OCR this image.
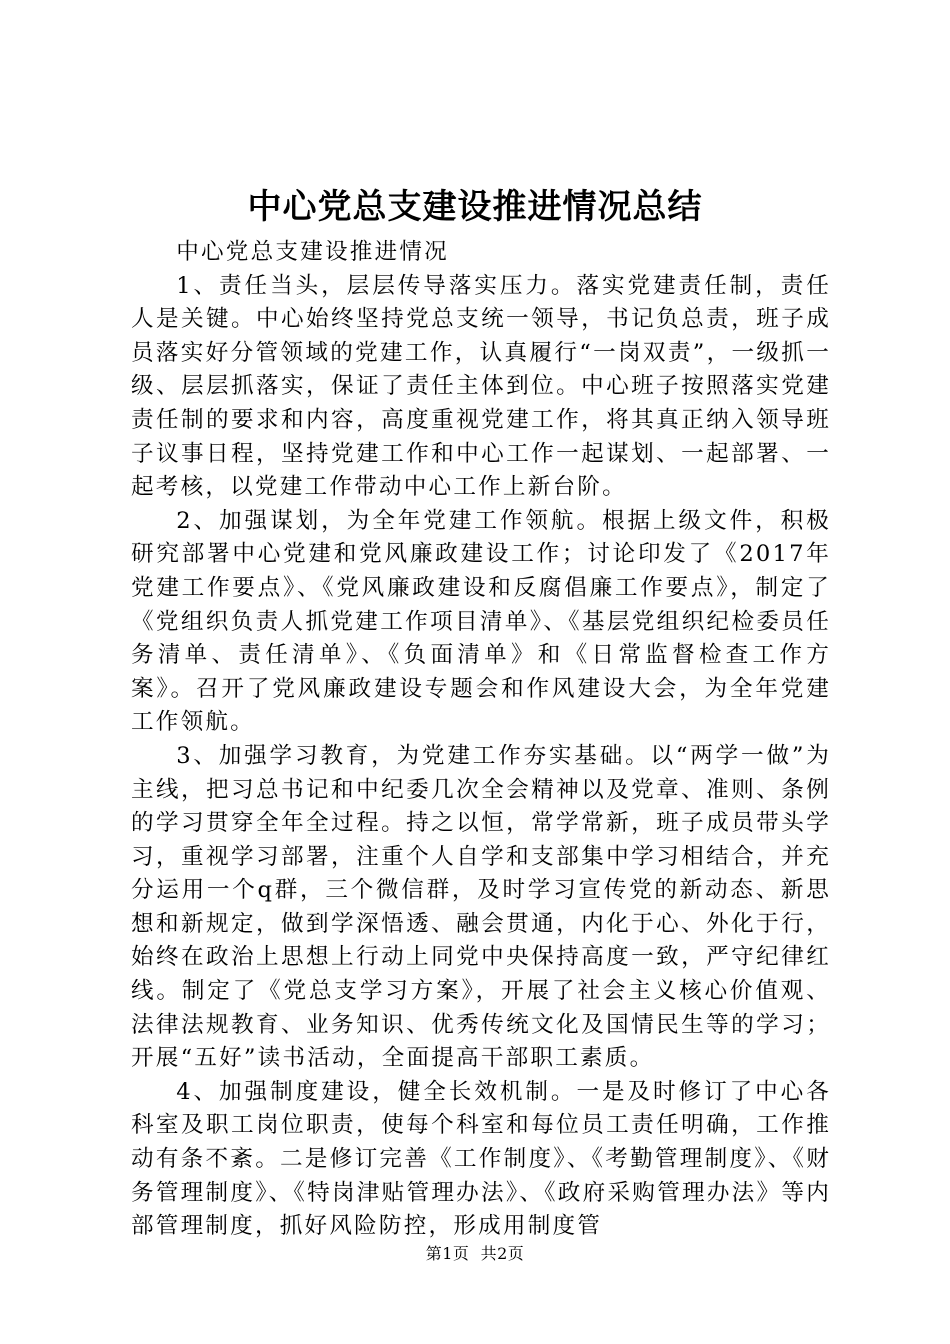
中心党总支建设推进情况总结

中心党总支建设推进情况

1、责任当头，层层传导落实压力。落实党建责任制，责任人是关键。中心始终坚持党总支统一领导，书记负总责，班子成员落实好分管领域的党建工作，认真履行“一岗双责”，一级抓一级、层层抓落实，保证了责任主体到位。中心班子按照落实党建责任制的要求和内容，高度重视党建工作，将其真正纳入领导班子议事日程，坚持党建工作和中心工作一起谋划、一起部署、一起考核，以党建工作带动中心工作上新台阶。

2、加强谋划，为全年党建工作领航。根据上级文件，积极研究部署中心党建和党风廉政建设工作；讨论印发了《2017年党建工作要点》、《党风廉政建设和反腐倡廉工作要点》，制定了《党组织负责人抓党建工作项目清单》、《基层党组织纪检委员任务清单、责任清单》、《负面清单》和《日常监督检查工作方案》。召开了党风廉政建设专题会和作风建设大会，为全年党建工作领航。

3、加强学习教育，为党建工作夯实基础。以“两学一做”为主线，把习总书记和中纪委几次全会精神以及党章、准则、条例的学习贯穿全年全过程。持之以恒，常学常新，班子成员带头学习，重视学习部署，注重个人自学和支部集中学习相结合，并充分运用一个q群，三个微信群，及时学习宣传党的新动态、新思想和新规定，做到学深悟透、融会贯通，内化于心、外化于行，始终在政治上思想上行动上同党中央保持高度一致，严守纪律红线。制定了《党总支学习方案》，开展了社会主义核心价值观、法律法规教育、业务知识、优秀传统文化及国情民生等的学习；开展“五好”读书活动，全面提高干部职工素质。

4、加强制度建设，健全长效机制。一是及时修订了中心各科室及职工岗位职责，使每个科室和每位员工责任明确，工作推动有条不紊。二是修订完善《工作制度》、《考勤管理制度》、《财务管理制度》、《特岗津贴管理办法》、《政府采购管理办法》等内部管理制度，抓好风险防控，形成用制度管

第1页  共2页
